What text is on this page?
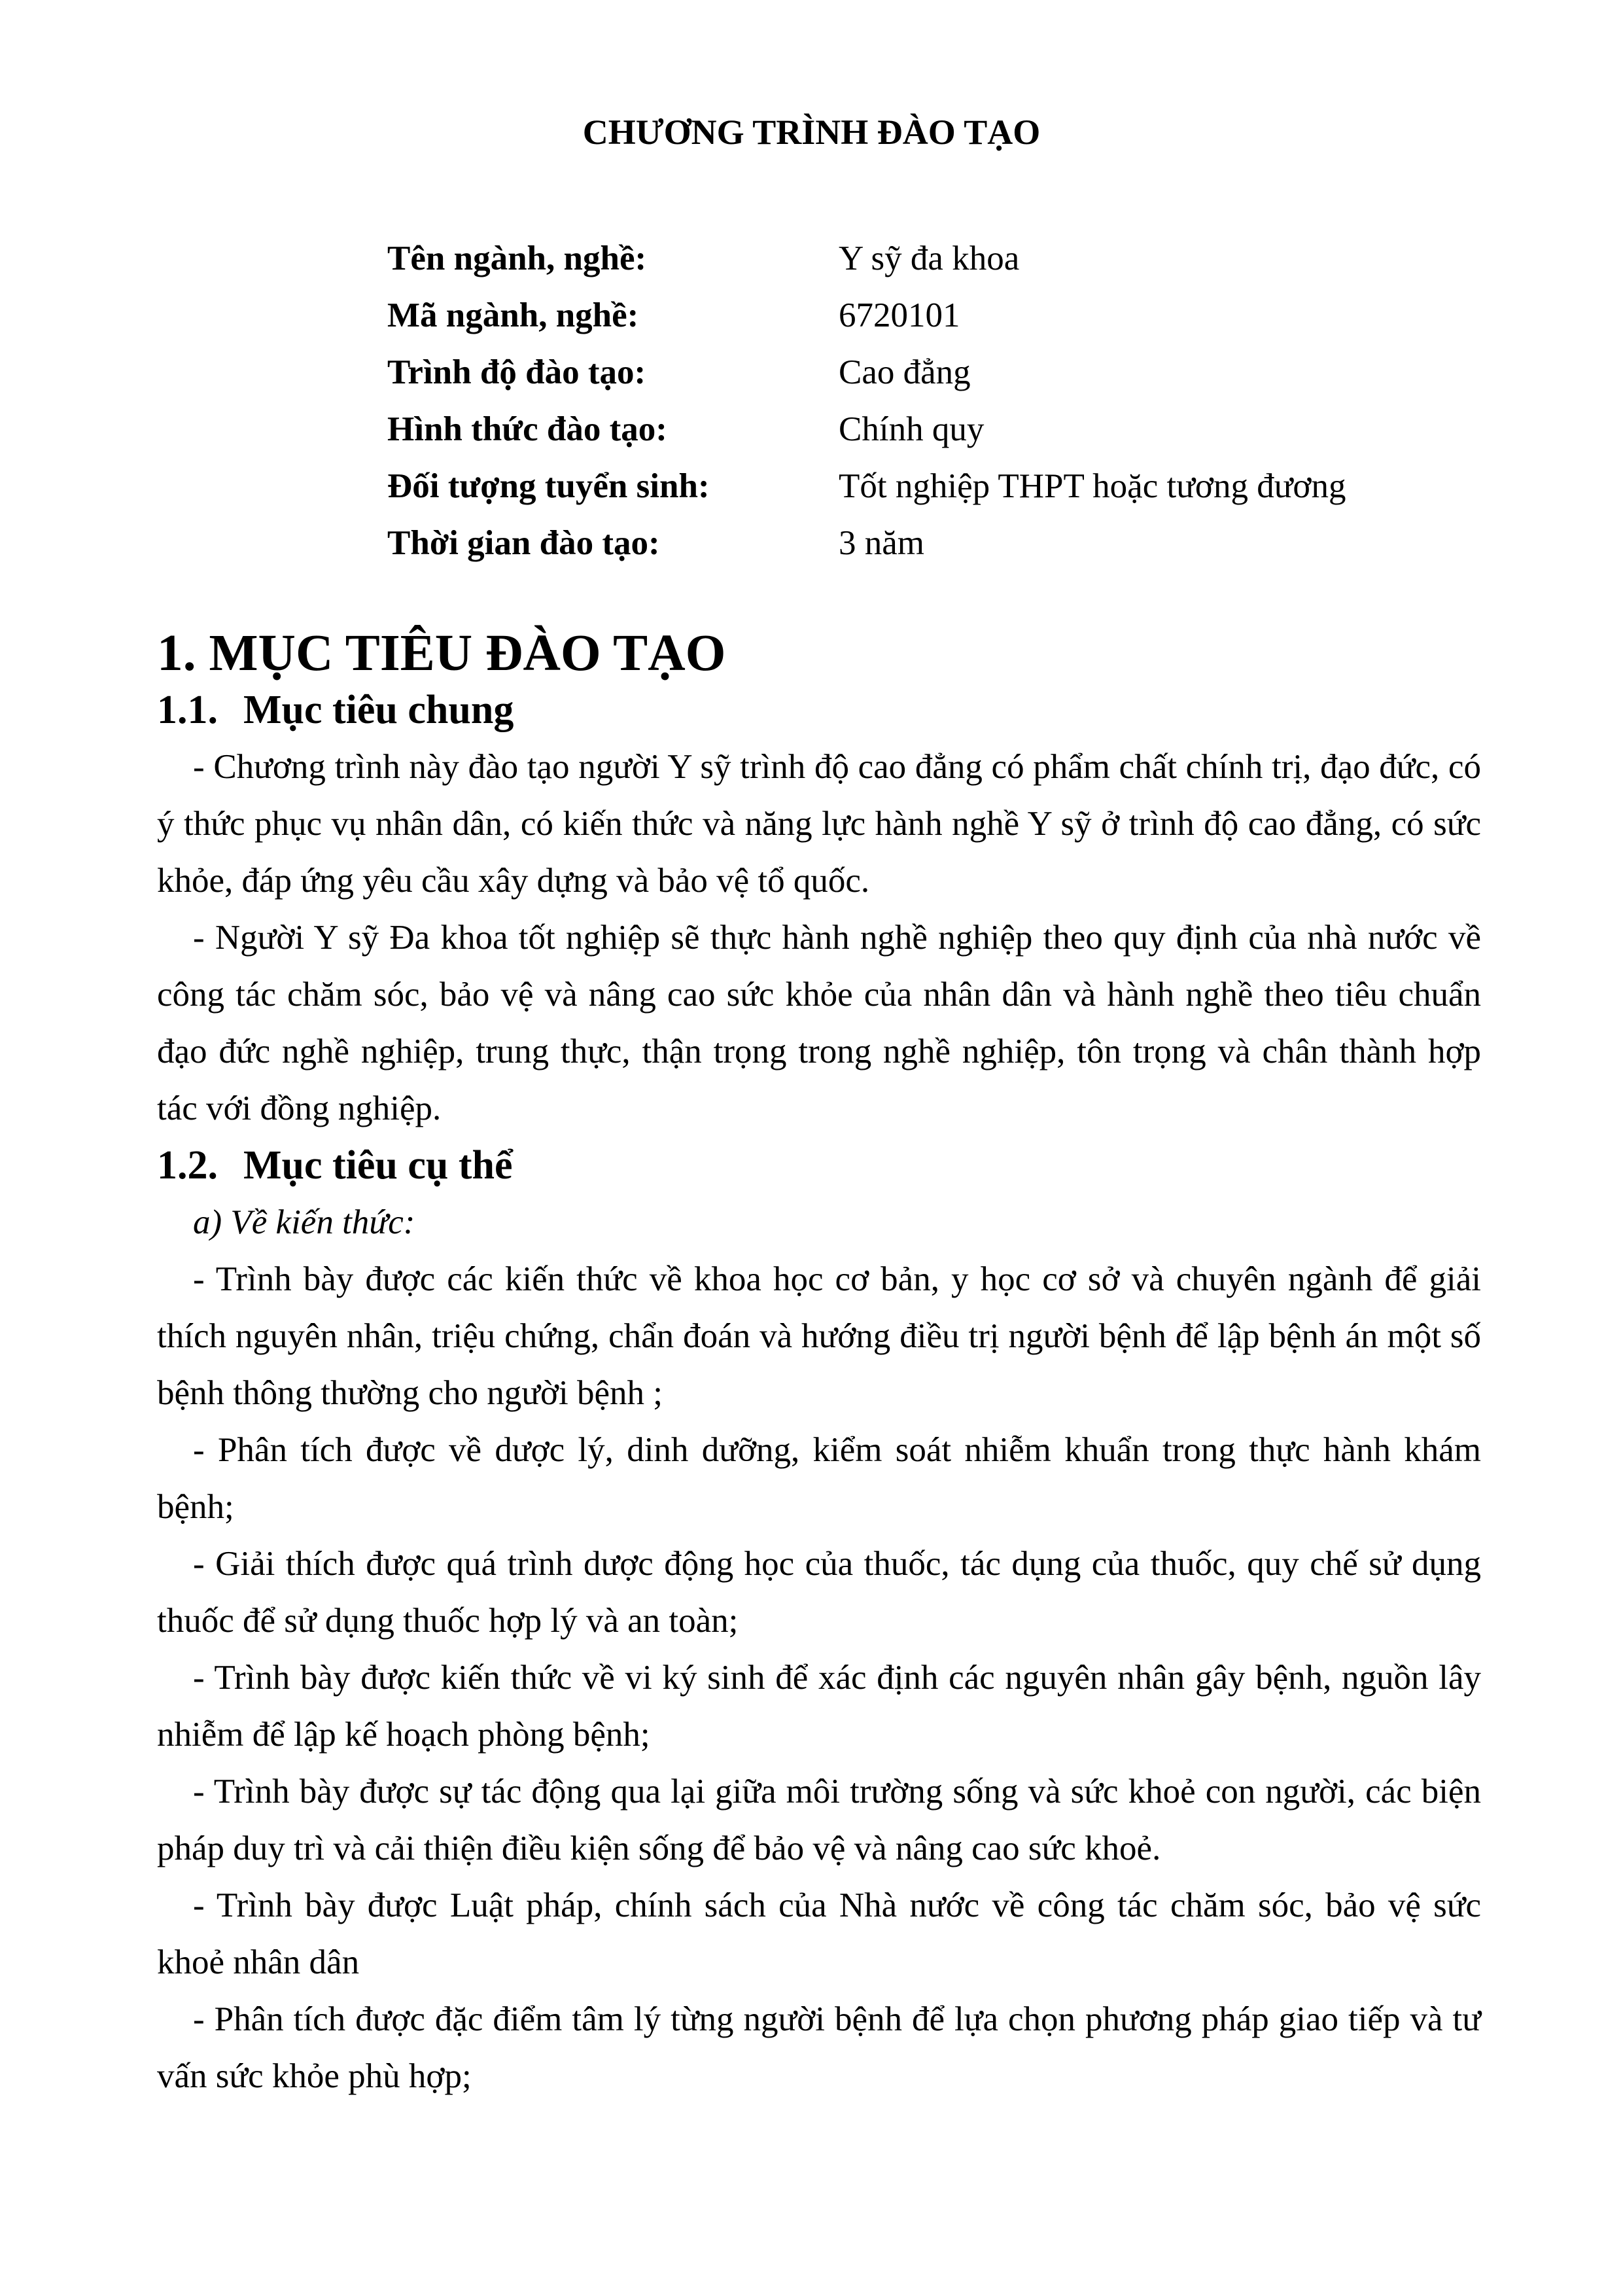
CHƯƠNG TRÌNH ĐÀO TẠO
Tên ngành, nghề:	Y sỹ đa khoa
Mã ngành, nghề:	6720101
Trình độ đào tạo:	Cao đẳng
Hình thức đào tạo:	Chính quy
Đối tượng tuyển sinh:	Tốt nghiệp THPT hoặc tương đương
Thời gian đào tạo:	3 năm
1. MỤC TIÊU ĐÀO TẠO
1.1. Mục tiêu chung

- Chương trình này đào tạo người Y sỹ trình độ cao đẳng có phẩm chất chính trị, đạo đức, có ý thức phục vụ nhân dân, có kiến thức và năng lực hành nghề Y sỹ ở trình độ cao đẳng, có sức khỏe, đáp ứng yêu cầu xây dựng và bảo vệ tổ quốc.

- Người Y sỹ Đa khoa tốt nghiệp sẽ thực hành nghề nghiệp theo quy định của nhà nước về công tác chăm sóc, bảo vệ và nâng cao sức khỏe của nhân dân và hành nghề theo tiêu chuẩn đạo đức nghề nghiệp, trung thực, thận trọng trong nghề nghiệp, tôn trọng và chân thành hợp tác với đồng nghiệp.

1.2. Mục tiêu cụ thể

a) Về kiến thức:

- Trình bày được các kiến thức về khoa học cơ bản, y học cơ sở và chuyên ngành để giải thích nguyên nhân, triệu chứng, chẩn đoán và hướng điều trị người bệnh để lập bệnh án một số bệnh thông thường cho người bệnh ;

- Phân tích được về dược lý, dinh dưỡng, kiểm soát nhiễm khuẩn trong thực hành khám bệnh;

- Giải thích được quá trình dược động học của thuốc, tác dụng của thuốc, quy chế sử dụng thuốc để sử dụng thuốc hợp lý và an toàn;

- Trình bày được kiến thức về vi ký sinh để xác định các nguyên nhân gây bệnh, nguồn lây nhiễm để lập kế hoạch phòng bệnh;

- Trình bày được sự tác động qua lại giữa môi trường sống và sức khoẻ con người, các biện pháp duy trì và cải thiện điều kiện sống để bảo vệ và nâng cao sức khoẻ.

- Trình bày được Luật pháp, chính sách của Nhà nước về công tác chăm sóc, bảo vệ sức khoẻ nhân dân

- Phân tích được đặc điểm tâm lý từng người bệnh để lựa chọn phương pháp giao tiếp và tư vấn sức khỏe phù hợp;
